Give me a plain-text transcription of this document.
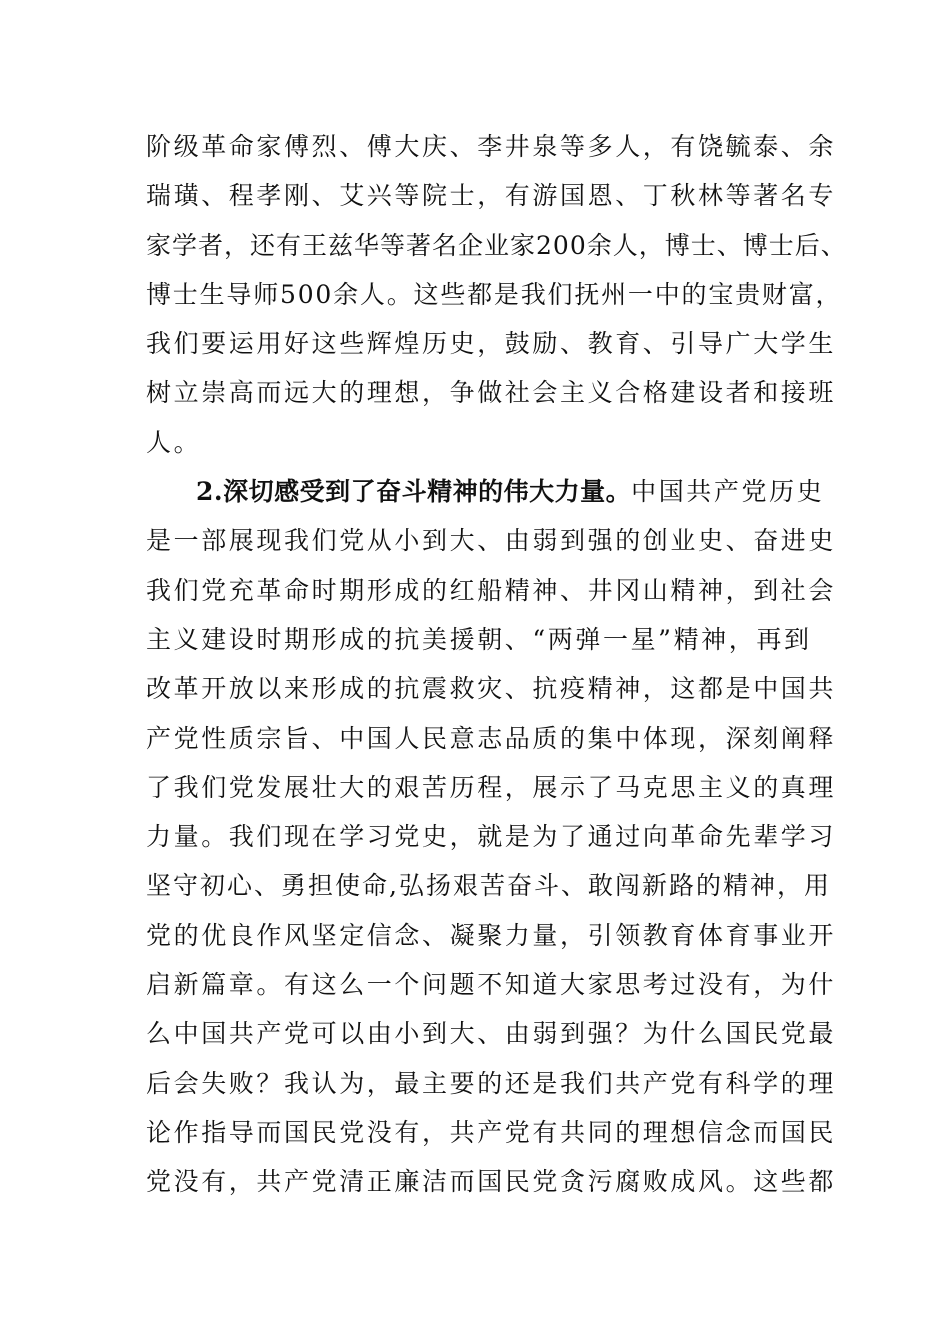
阶级革命家傅烈、傅大庆、李井泉等多人，有饶毓泰、余
瑞璜、程孝刚、艾兴等院士，有游国恩、丁秋林等著名专
家学者，还有王兹华等著名企业家200余人，博士、博士后、
博士生导师500余人。这些都是我们抚州一中的宝贵财富，
我们要运用好这些辉煌历史，鼓励、教育、引导广大学生
树立崇高而远大的理想，争做社会主义合格建设者和接班
人。
2.深切感受到了奋斗精神的伟大力量。中国共产党历史
是一部展现我们党从小到大、由弱到强的创业史、奋进史
我们党充革命时期形成的红船精神、井冈山精神，到社会
主义建设时期形成的抗美援朝、“两弹一星”精神，再到
改革开放以来形成的抗震救灾、抗疫精神，这都是中国共
产党性质宗旨、中国人民意志品质的集中体现，深刻阐释
了我们党发展壮大的艰苦历程，展示了马克思主义的真理
力量。我们现在学习党史，就是为了通过向革命先辈学习
坚守初心、勇担使命,弘扬艰苦奋斗、敢闯新路的精神，用
党的优良作风坚定信念、凝聚力量，引领教育体育事业开
启新篇章。有这么一个问题不知道大家思考过没有，为什
么中国共产党可以由小到大、由弱到强？为什么国民党最
后会失败？我认为，最主要的还是我们共产党有科学的理
论作指导而国民党没有，共产党有共同的理想信念而国民
党没有，共产党清正廉洁而国民党贪污腐败成风。这些都
